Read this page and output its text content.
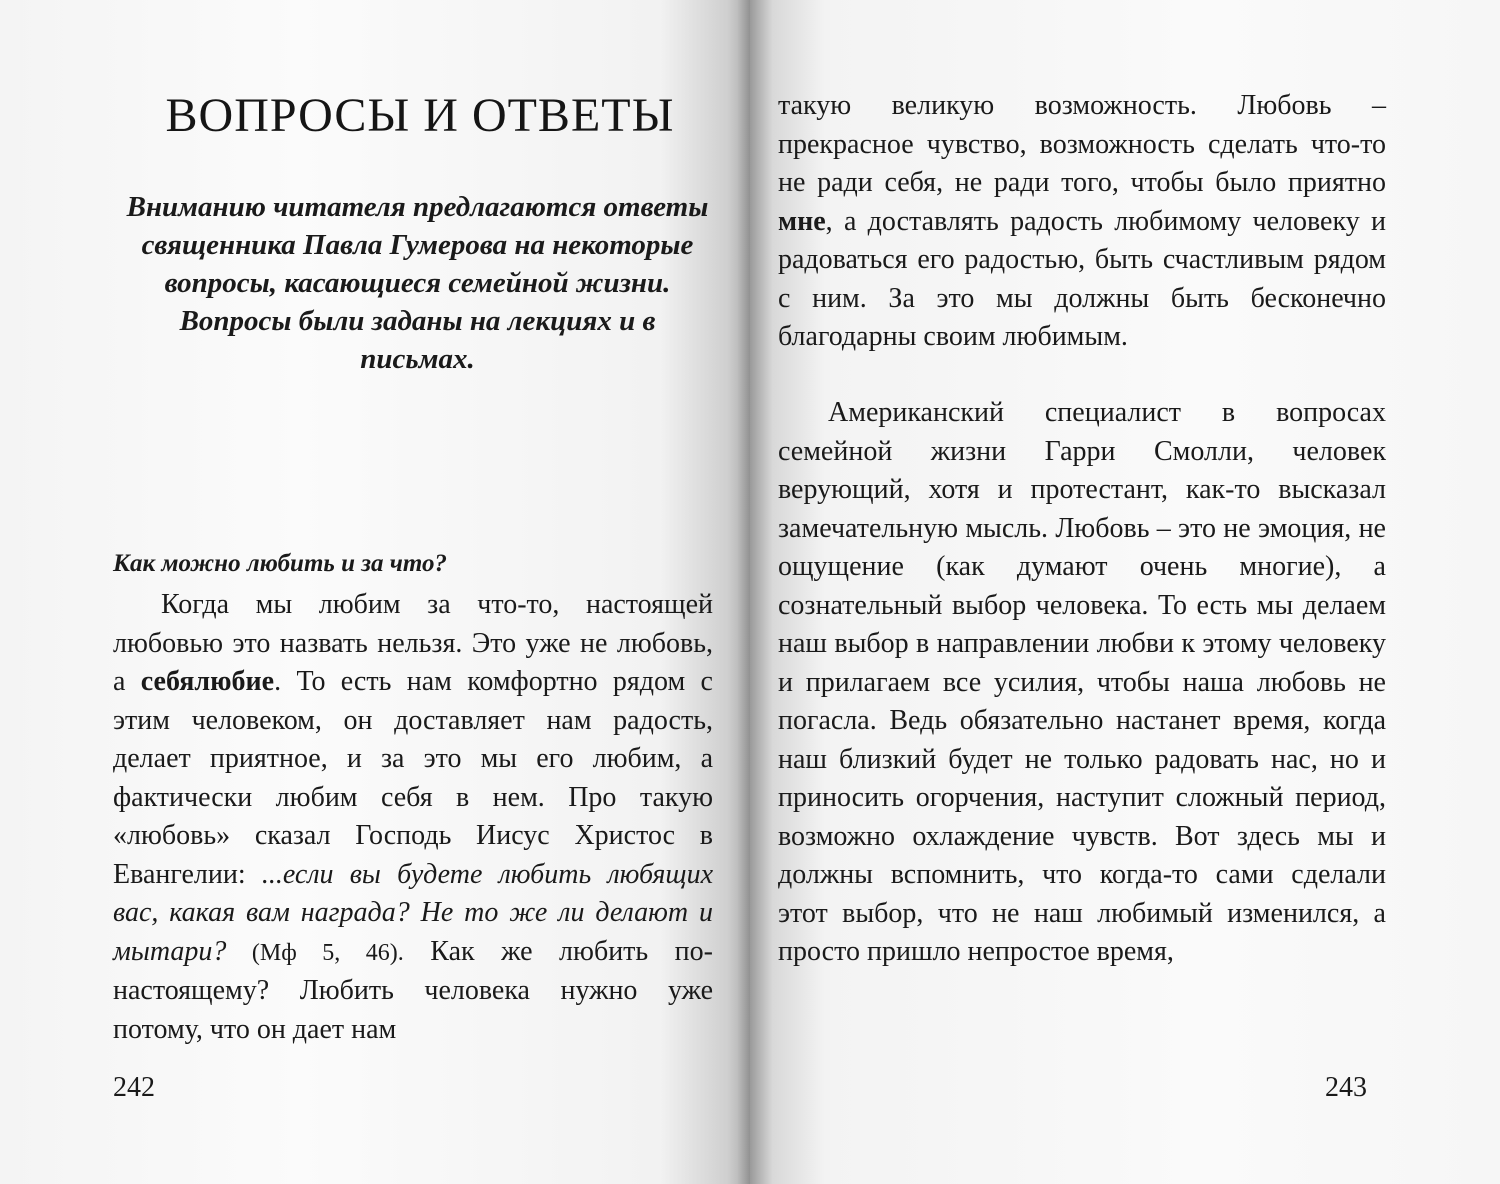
ВОПРОСЫ И ОТВЕТЫ

Вниманию читателя предлагаются ответы священника Павла Гумерова на некоторые вопросы, касающиеся семейной жизни. Вопросы были заданы на лекциях и в письмах.

Как можно любить и за что?

Когда мы любим за что-то, настоящей любовью это назвать нельзя. Это уже не любовь, а себялюбие. То есть нам комфортно рядом с этим человеком, он доставляет нам радость, делает приятное, и за это мы его любим, а фактически любим себя в нем. Про такую «любовь» сказал Господь Иисус Христос в Евангелии: ...если вы будете любить любящих вас, какая вам награда? Не то же ли делают и мытари? (Мф 5, 46). Как же любить по-настоящему? Любить человека нужно уже потому, что он дает нам

242

такую великую возможность. Любовь – прекрасное чувство, возможность сделать что-то не ради себя, не ради того, чтобы было приятно мне, а доставлять радость любимому человеку и радоваться его радостью, быть счастливым рядом с ним. За это мы должны быть бесконечно благодарны своим любимым.

Американский специалист в вопросах семейной жизни Гарри Смолли, человек верующий, хотя и протестант, как-то высказал замечательную мысль. Любовь – это не эмоция, не ощущение (как думают очень многие), а сознательный выбор человека. То есть мы делаем наш выбор в направлении любви к этому человеку и прилагаем все усилия, чтобы наша любовь не погасла. Ведь обязательно настанет время, когда наш близкий будет не только радовать нас, но и приносить огорчения, наступит сложный период, возможно охлаждение чувств. Вот здесь мы и должны вспомнить, что когда-то сами сделали этот выбор, что не наш любимый изменился, а просто пришло непростое время,

243
